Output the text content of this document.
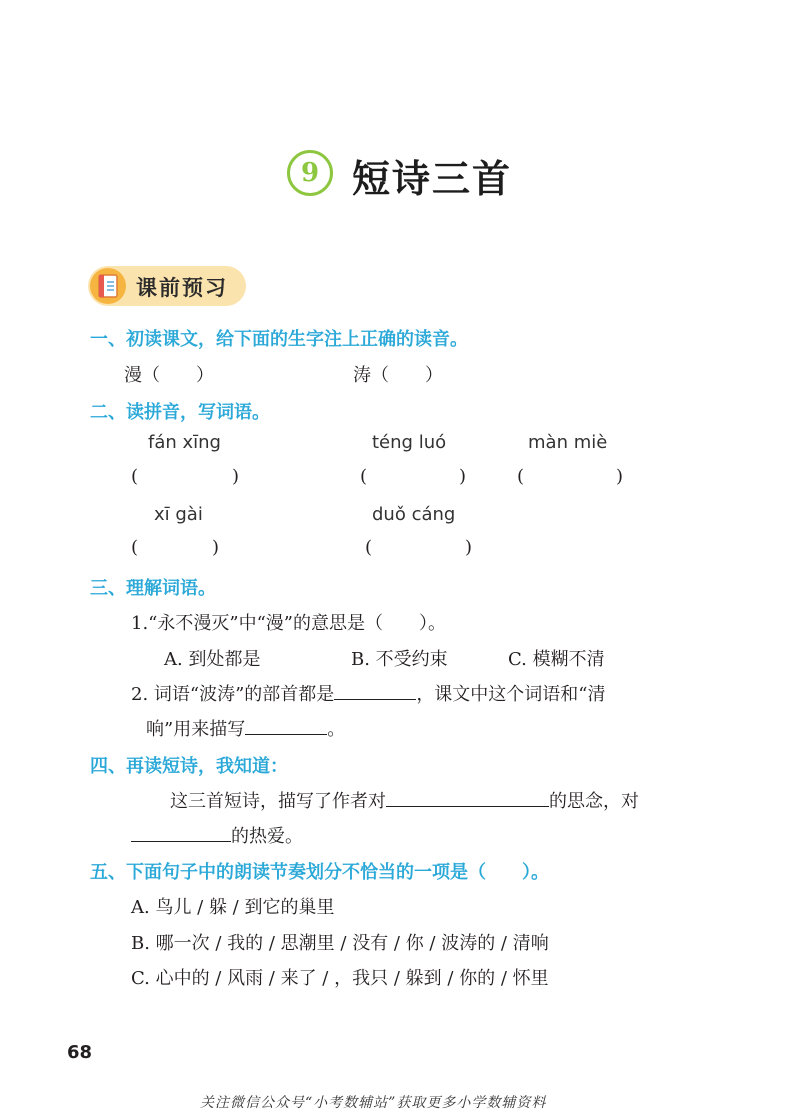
9 短诗三首
课前预习
一、初读课文，给下面的生字注上正确的读音。
漫（　　）	涛（　　）
二、读拼音，写词语。
fán xīng	téng luó	màn miè
(	)	(	)	(	)
xī gài	duǒ cáng
(	)	(	)
三、理解词语。
1.“永不漫灭”中“漫”的意思是（　　）。
A. 到处都是	B. 不受约束	C. 模糊不清
2. 词语“波涛”的部首都是	，课文中这个词语和“清
响”用来描写	。
四、再读短诗，我知道：
这三首短诗，描写了作者对	的思念，对
的热爱。
五、下面句子中的朗读节奏划分不恰当的一项是（　　）。
A. 鸟儿 / 躲 / 到它的巢里
B. 哪一次 / 我的 / 思潮里 / 没有 / 你 / 波涛的 / 清响
C. 心中的 / 风雨 / 来了 / ，我只 / 躲到 / 你的 / 怀里
68
关注微信公众号“小考数辅站”获取更多小学数辅资料
